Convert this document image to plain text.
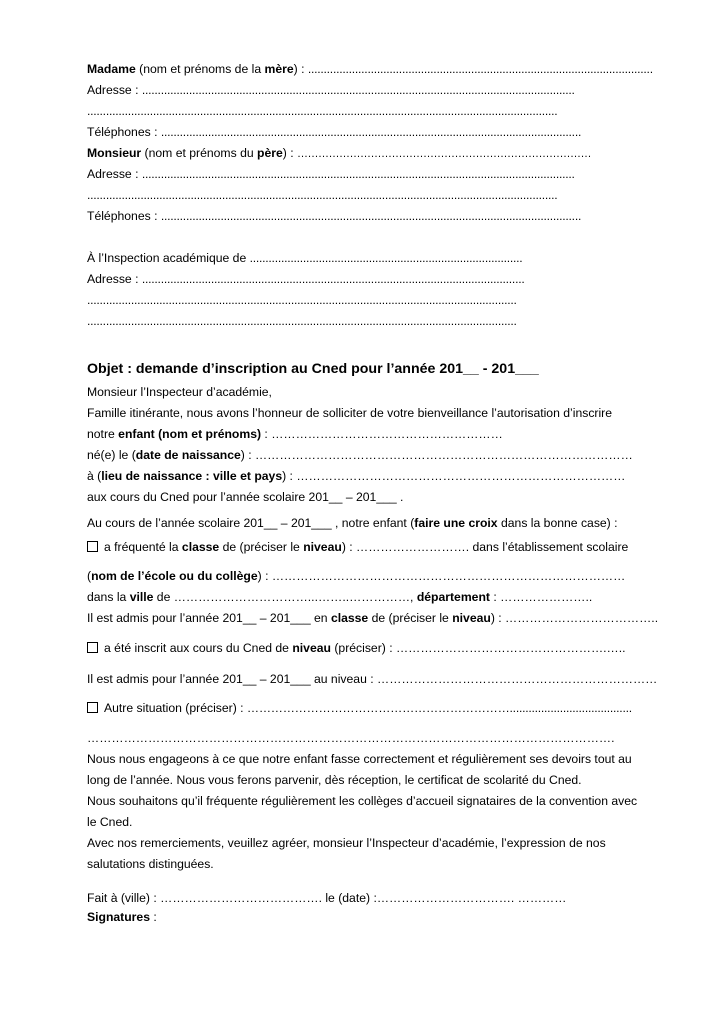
Madame (nom et prénoms de la mère) : ..............................................................................................................
Adresse : ..........................................................................................................................................
......................................................................................................................................................
Téléphones : ......................................................................................................................................
Monsieur (nom et prénoms du père) : …………………………………………………………………………
Adresse : ..........................................................................................................................................
......................................................................................................................................................
Téléphones : ......................................................................................................................................
À l’Inspection académique de .......................................................................................
Adresse : ..........................................................................................................................
.........................................................................................................................................
.........................................................................................................................................
Objet : demande d’inscription au Cned pour l’année 201__ - 201___
Monsieur l’Inspecteur d’académie,
Famille itinérante, nous avons l’honneur de solliciter de votre bienveillance l’autorisation d’inscrire
notre enfant (nom et prénoms) : …………………………………………………
né(e) le (date de naissance) : …………………………………………………………………………………
à (lieu de naissance : ville et pays) : ………………………………………………………………………
aux cours du Cned pour l’année scolaire 201__ – 201___ .
Au cours de l’année scolaire 201__ – 201___ , notre enfant (faire une croix dans la bonne case) :
a fréquenté la classe de (préciser le niveau) : ………………………. dans l’établissement scolaire
(nom de l’école ou du collège) : ……………………………………………………………………………
dans la ville de ……………………………...……..……………, département : …………………..
Il est admis pour l’année 201__ – 201___ en classe de (préciser le niveau) : ………………………………..
a été inscrit aux cours du Cned de niveau (préciser) : …………………………………………….…..
Il est admis pour l’année 201__ – 201___ au niveau : ……………………………………………………………
Autre situation (préciser) : ………………………………………………………….......................................
………………………………………………………………………………………………………………….
Nous nous engageons à ce que notre enfant fasse correctement et régulièrement ses devoirs tout au
long de l’année. Nous vous ferons parvenir, dès réception, le certificat de scolarité du Cned.
Nous souhaitons qu’il fréquente régulièrement les collèges d’accueil signataires de la convention avec
le Cned.
Avec nos remerciements, veuillez agréer, monsieur l’Inspecteur d’académie, l’expression de nos
salutations distinguées.
Fait à (ville) : …………………………………. le (date) :……………………………. …………
Signatures :
